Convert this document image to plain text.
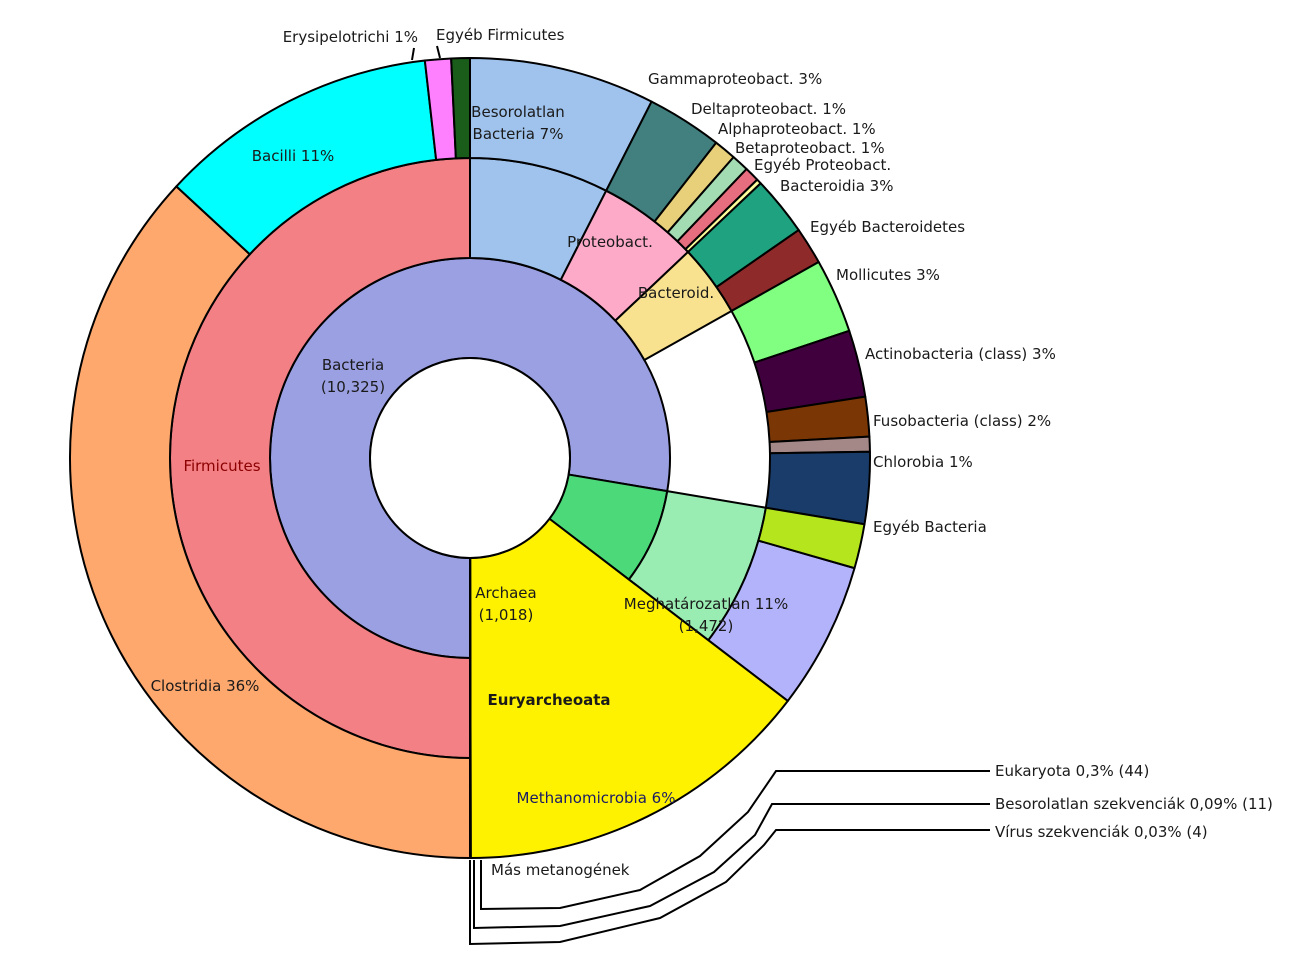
Bacteria (10,325)
Archaea (1,018)
Firmicutes
Proteobact.
Bacteroid.
Euryarcheoata
Clostridia 36%
Bacilli 11%
Besorolatlan Bacteria 7%
Methanomicrobia 6%
Meghatározatlan 11% (1,472)
Erysipelotrichi 1% Egyéb Firmicutes
Gammaproteobact. 3%
Deltaproteobact. 1%
Alphaproteobact. 1%
Betaproteobact. 1%
Egyéb Proteobact.
Bacteroidia 3%
Egyéb Bacteroidetes
Mollicutes 3%
Actinobacteria (class) 3%
Fusobacteria (class) 2%
Chlorobia 1%
Egyéb Bacteria
Más metanogének
Eukaryota 0,3% (44)
Besorolatlan szekvenciák 0,09% (11)
Vírus szekvenciák 0,03% (4)
